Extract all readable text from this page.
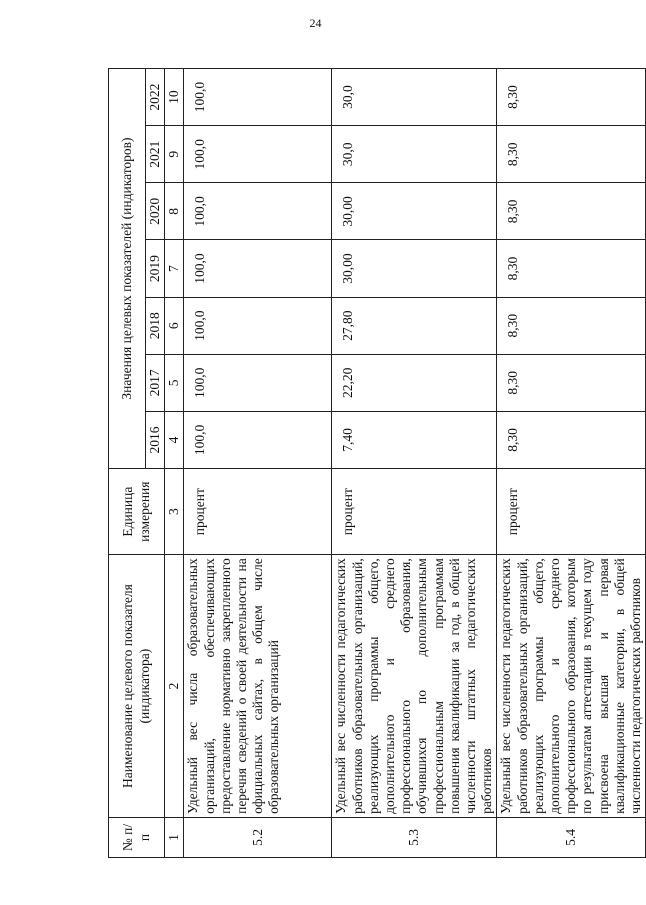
24
№ п/п	Наименование целевого показателя (индикатора)	Единица измерения	Значения целевых показателей (индикаторов)						
			2016	2017	2018	2019	2020	2021	2022
1	2	3	4	5	6	7	8	9	10
5.2	Удельный вес числа образовательных организаций, обеспечивающих предоставление нормативно закрепленного перечня сведений о своей деятельности на официальных сайтах, в общем числе образовательных организаций	процент	100,0	100,0	100,0	100,0	100,0	100,0	100,0
5.3	Удельный вес численности педагогических работников образовательных организаций, реализующих программы общего, дополнительного и среднего профессионального образования, обучившихся по дополнительным профессиональным программам повышения квалификации за год, в общей численности штатных педагогических работников	процент	7,40	22,20	27,80	30,00	30,00	30,0	30,0
5.4	Удельный вес численности педагогических работников образовательных организаций, реализующих программы общего, дополнительного и среднего профессионального образования, которым по результатам аттестации в текущем году присвоена высшая и первая квалификационные категории, в общей численности педагогических работников	процент	8,30	8,30	8,30	8,30	8,30	8,30	8,30
